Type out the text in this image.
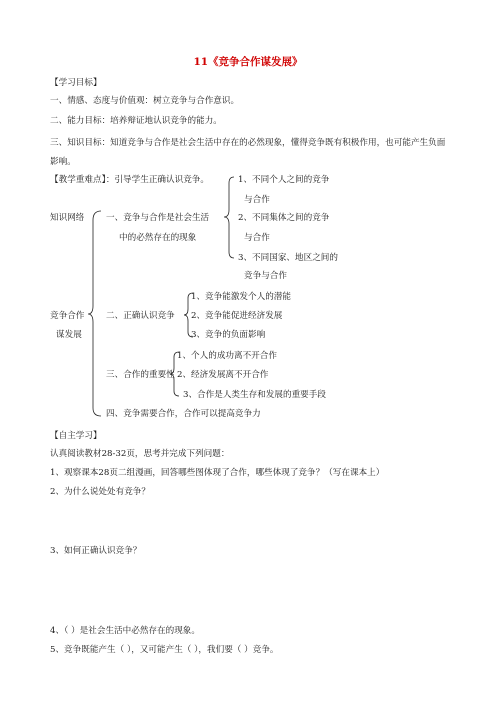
11《竞争合作谋发展》
【学习目标】
一、情感、态度与价值观：树立竞争与合作意识。
二、能力目标：培养辩证地认识竞争的能力。
三、知识目标：知道竞争与合作是社会生活中存在的必然现象，懂得竞争既有积极作用，也可能产生负面影响。
【教学重难点】：引导学生正确认识竞争。
知识网络	一、竞争与合作是社会生活
中的必然存在的现象
1、不同个人之间的竞争
与合作
2、不同集体之间的竞争
与合作
3、不同国家、地区之间的
竞争与合作
竞争合作
谋发展
二、正确认识竞争
1、竞争能激发个人的潜能
2、竞争能促进经济发展
3、竞争的负面影响
三、合作的重要性
1、个人的成功离不开合作
2、经济发展离不开合作
3、合作是人类生存和发展的重要手段
四、竞争需要合作，合作可以提高竞争力
【自主学习】
认真阅读教材28-32页，思考并完成下列问题：
1、观察课本28页二组漫画，回答哪些图体现了合作，哪些体现了竞争？（写在课本上）
2、为什么说处处有竞争？
3、如何正确认识竞争？
4、（ ）是社会生活中必然存在的现象。
5、竞争既能产生（ ），又可能产生（ ），我们要（ ）竞争。
